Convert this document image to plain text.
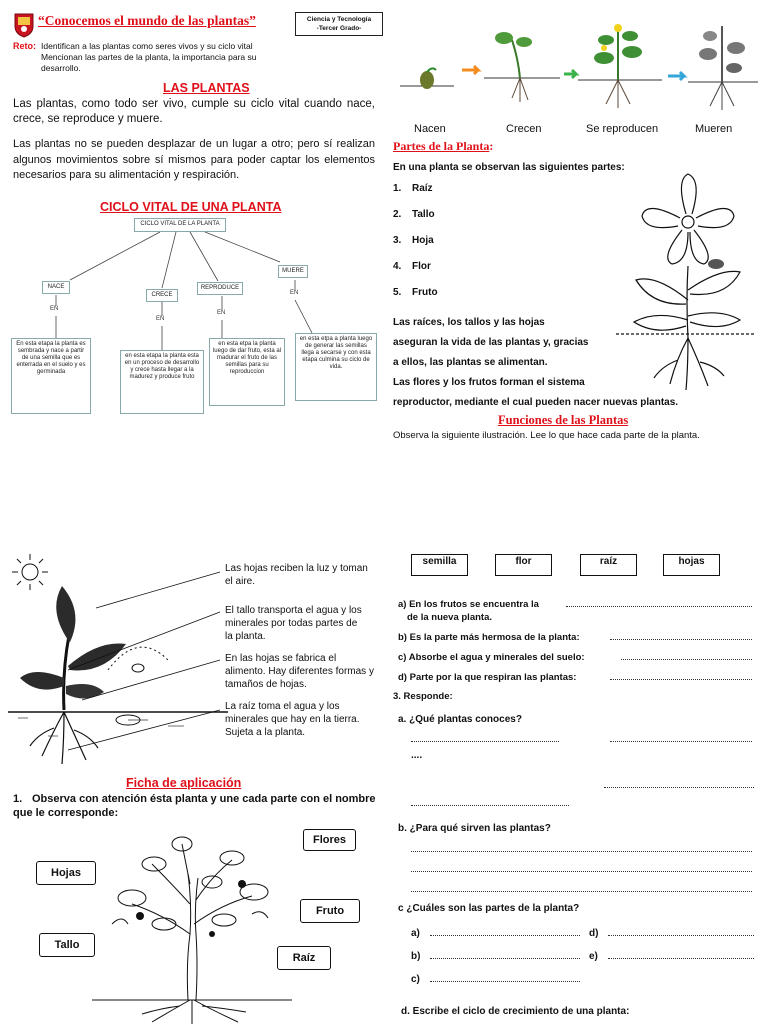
“Conocemos el mundo de las plantas”	Ciencia y Tecnología
-Tercer Grado-
Reto: Identifican a las plantas como seres vivos y su ciclo vital
Mencionan las partes de la planta, la importancia para su
desarrollo.
LAS PLANTAS
Las plantas, como todo ser vivo, cumple su ciclo vital cuando nace, crece, se reproduce y muere.
Las plantas no se pueden desplazar de un lugar a otro; pero sí realizan algunos movimientos sobre sí mismos para poder captar los elementos necesarios para su alimentación y respiración.
CICLO VITAL DE UNA PLANTA
CICLO VITAL DE LA PLANTA
NACE
CRECE
REPRODUCE
MUERE
EN
EN
EN
EN
En esta etapa la planta es sembrada y nace a partir de una semilla que es enterrada en el suelo y es germinada
en esta etapa la planta esta en un proceso de desarrollo y crece hasta llegar a la madurez y produce fruto
en esta etpa la planta luego de dar fruto, esta al madurar el fruto de las semillas para su reproduccion
en esta etpa a planta luego de generar las semillas llega a secarse y con esta etapa culmina su ciclo de vida.
Nacen	Crecen	Se reproducen	Mueren
Partes de la Planta:
En una planta se observan las siguientes partes:
1. Raíz
2. Tallo
3. Hoja
4. Flor
5. Fruto
Las raíces, los tallos y las hojas
aseguran la vida de las plantas y, gracias
a ellos, las plantas se alimentan.
Las flores y los frutos forman el sistema
reproductor, mediante el cual pueden nacer nuevas plantas.
Funciones de las Plantas
Observa la siguiente ilustración. Lee lo que hace cada parte de la planta.
Las hojas reciben la luz y toman el aire.
El tallo transporta el agua y los minerales por todas partes de la planta.
En las hojas se fabrica el alimento. Hay diferentes formas y tamaños de hojas.
La raíz toma el agua y los minerales que hay en la tierra. Sujeta a la planta.
Ficha de aplicación
1. Observa con atención ésta planta y une cada parte con el nombre que le corresponde:
Flores
Hojas
Fruto
Tallo
Raíz
semilla	flor	raíz	hojas
a) En los frutos se encuentra la
de la nueva planta.
b) Es la parte más hermosa de la planta:
c) Absorbe el agua y minerales del suelo:
d) Parte por la que respiran las plantas:
3. Responde:
a. ¿Qué plantas conoces?
....
b. ¿Para qué sirven las plantas?
c ¿Cuáles son las partes de la planta?
a)	d)
b)	e)
c)
d. Escribe el ciclo de crecimiento de una planta:
